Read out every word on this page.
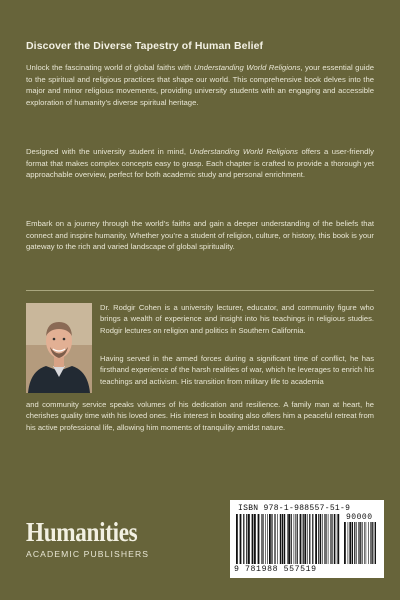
Discover the Diverse Tapestry of Human Belief

Unlock the fascinating world of global faiths with Understanding World Religions, your essential guide to the spiritual and religious practices that shape our world. This comprehensive book delves into the major and minor religious movements, providing university students with an engaging and accessible exploration of humanity’s diverse spiritual heritage.

Designed with the university student in mind, Understanding World Religions offers a user-friendly format that makes complex concepts easy to grasp. Each chapter is crafted to provide a thorough yet approachable overview, perfect for both academic study and personal enrichment.

Embark on a journey through the world’s faiths and gain a deeper understanding of the beliefs that connect and inspire humanity. Whether you’re a student of religion, culture, or history, this book is your gateway to the rich and varied landscape of global spirituality.

Dr. Rodgir Cohen is a university lecturer, educator, and community figure who brings a wealth of experience and insight into his teachings in religious studies. Rodgir lectures on religion and politics in Southern California.

Having served in the armed forces during a significant time of conflict, he has firsthand experience of the harsh realities of war, which he leverages to enrich his teachings and activism. His transition from military life to academia

and community service speaks volumes of his dedication and resilience. A family man at heart, he cherishes quality time with his loved ones. His interest in boating also offers him a peaceful retreat from his active professional life, allowing him moments of tranquility amidst nature.

Humanities
ACADEMIC PUBLISHERS
ISBN 978-1-988557-51-9
90000
9 781988 557519
